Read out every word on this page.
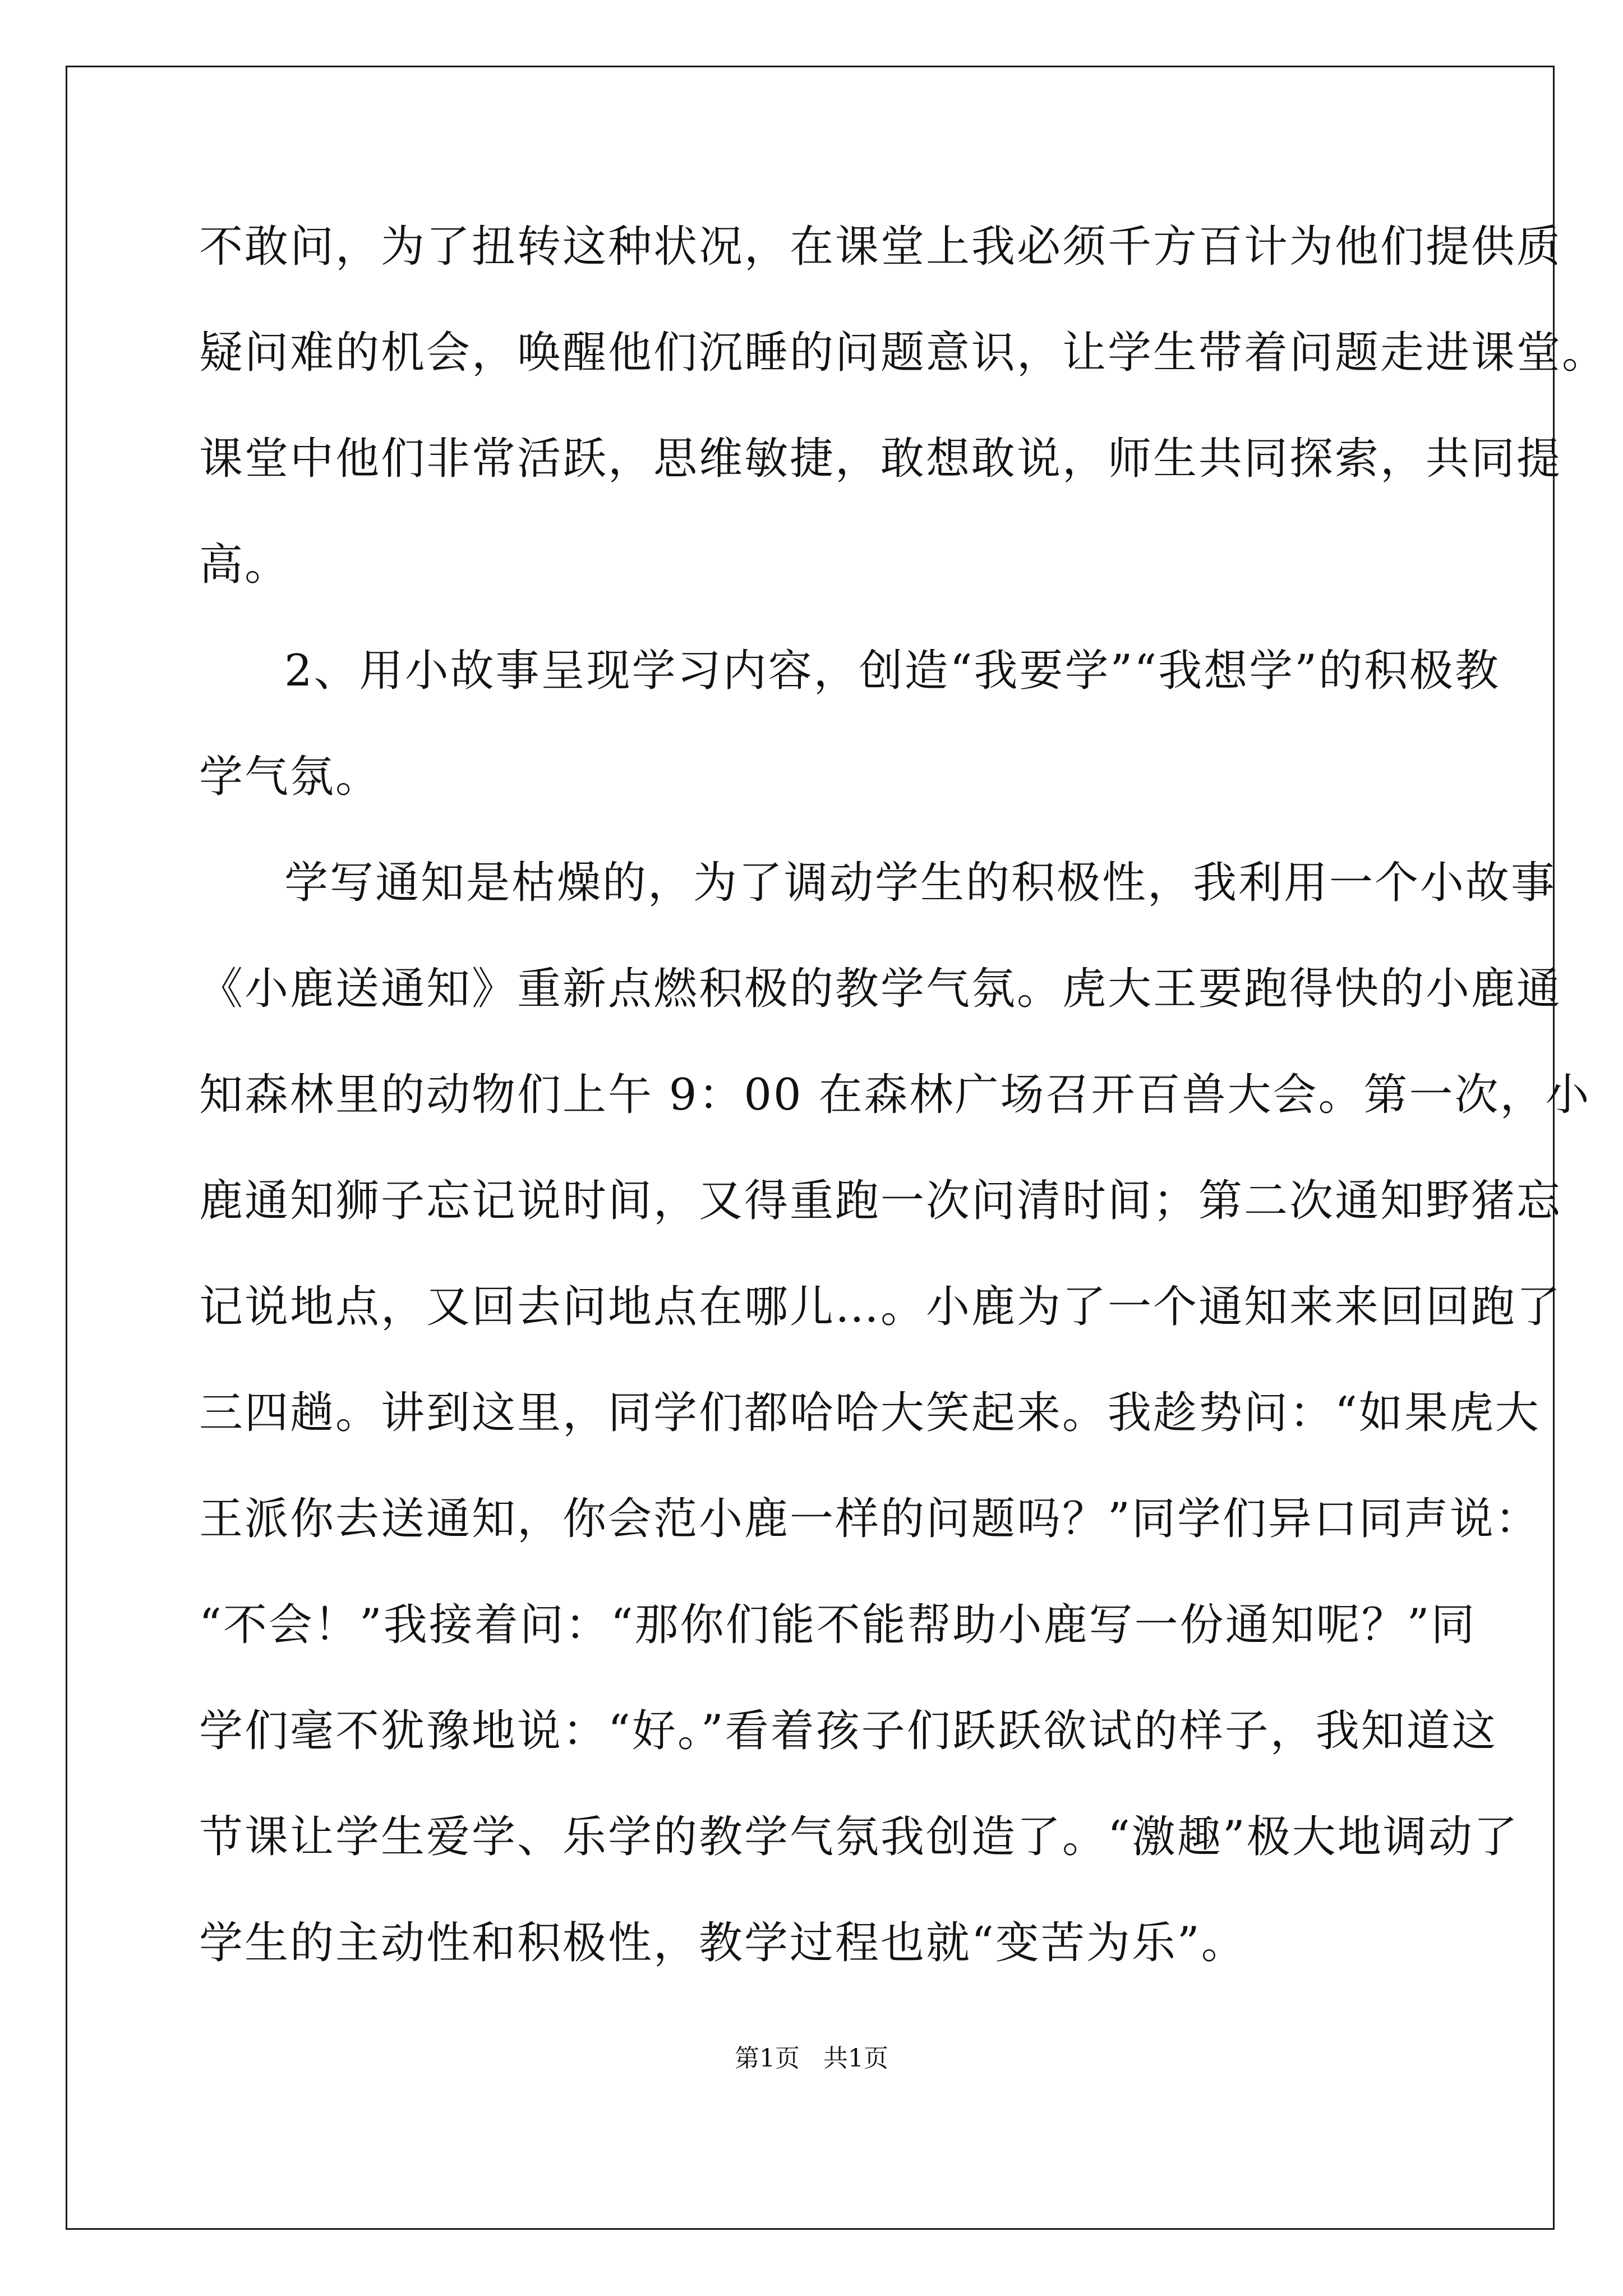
不敢问，为了扭转这种状况，在课堂上我必须千方百计为他们提供质
疑问难的机会，唤醒他们沉睡的问题意识，让学生带着问题走进课堂。
课堂中他们非常活跃，思维敏捷，敢想敢说，师生共同探索，共同提
高。
2、用小故事呈现学习内容，创造“我要学”“我想学”的积极教
学气氛。
学写通知是枯燥的，为了调动学生的积极性，我利用一个小故事
《小鹿送通知》重新点燃积极的教学气氛。虎大王要跑得快的小鹿通
知森林里的动物们上午 9：00 在森林广场召开百兽大会。第一次，小
鹿通知狮子忘记说时间，又得重跑一次问清时间；第二次通知野猪忘
记说地点，又回去问地点在哪儿…。小鹿为了一个通知来来回回跑了
三四趟。讲到这里，同学们都哈哈大笑起来。我趁势问：“如果虎大
王派你去送通知，你会范小鹿一样的问题吗？”同学们异口同声说：
“不会！”我接着问：“那你们能不能帮助小鹿写一份通知呢？”同
学们毫不犹豫地说：“好。”看着孩子们跃跃欲试的样子，我知道这
节课让学生爱学、乐学的教学气氛我创造了。“激趣”极大地调动了
学生的主动性和积极性，教学过程也就“变苦为乐”。
第1页   共1页
